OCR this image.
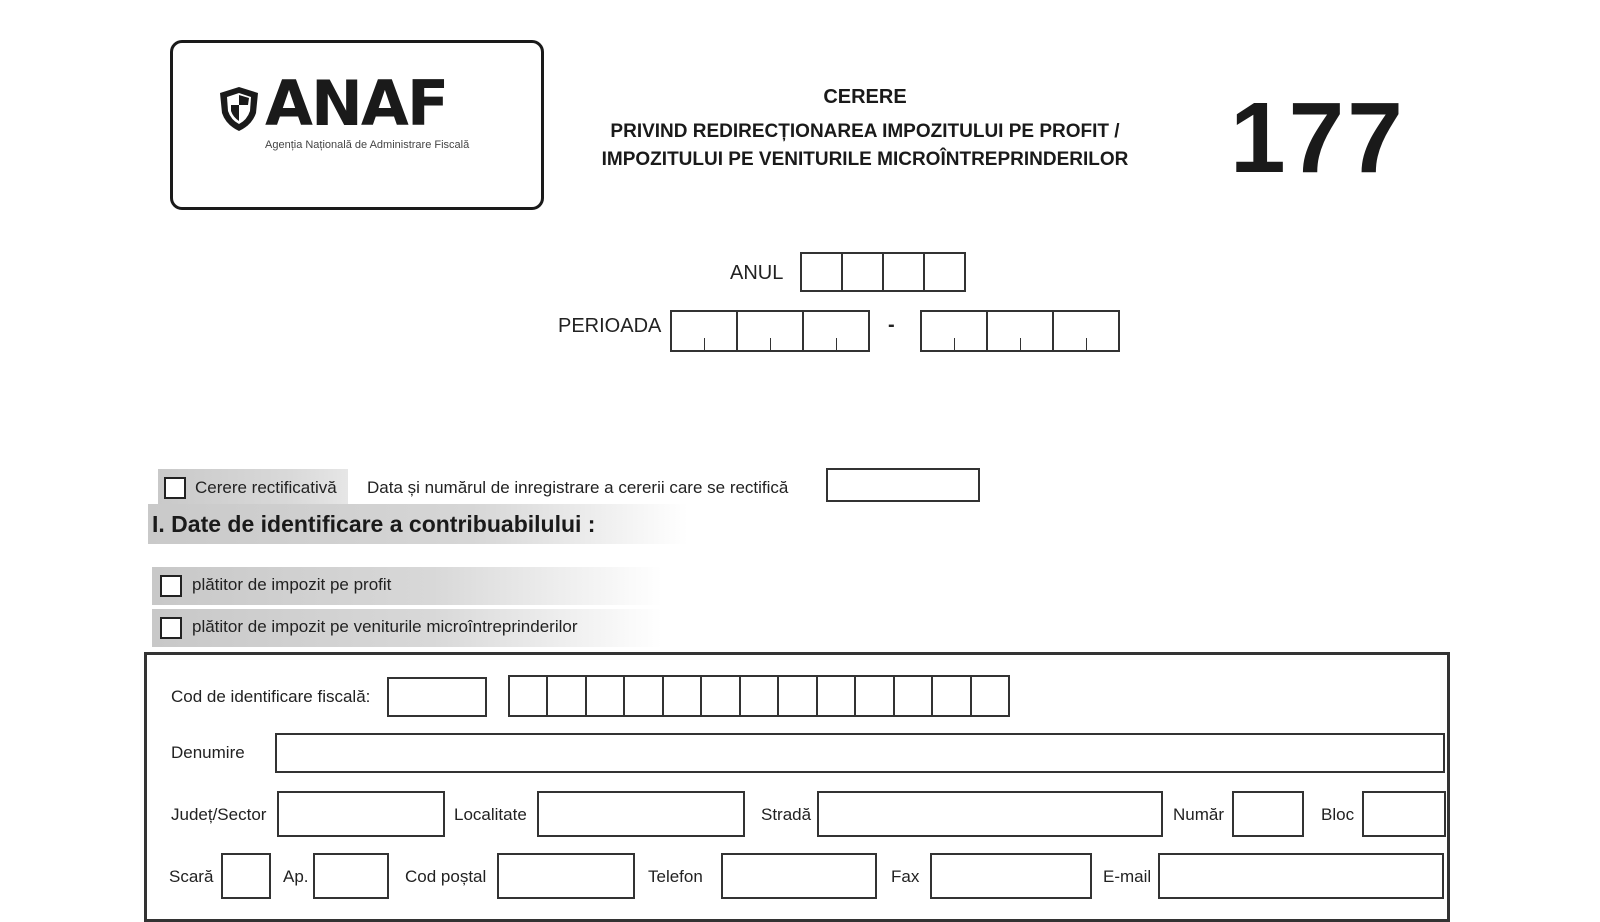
ANAF
Agenția Națională de Administrare Fiscală
CERERE
PRIVIND REDIRECȚIONAREA IMPOZITULUI PE PROFIT /
IMPOZITULUI PE VENITURILE MICROÎNTREPRINDERILOR	177
ANUL
PERIOADA	-
Cerere rectificativă Data și numărul de inregistrare a cererii care se rectifică
I. Date de identificare a contribuabilului :
plătitor de impozit pe profit
plătitor de impozit pe veniturile microîntreprinderilor
Cod de identificare fiscală:
Denumire
Județ/Sector	Localitate	Stradă	Număr	Bloc
Scară	Ap.	Cod poștal	Telefon	Fax	E-mail
